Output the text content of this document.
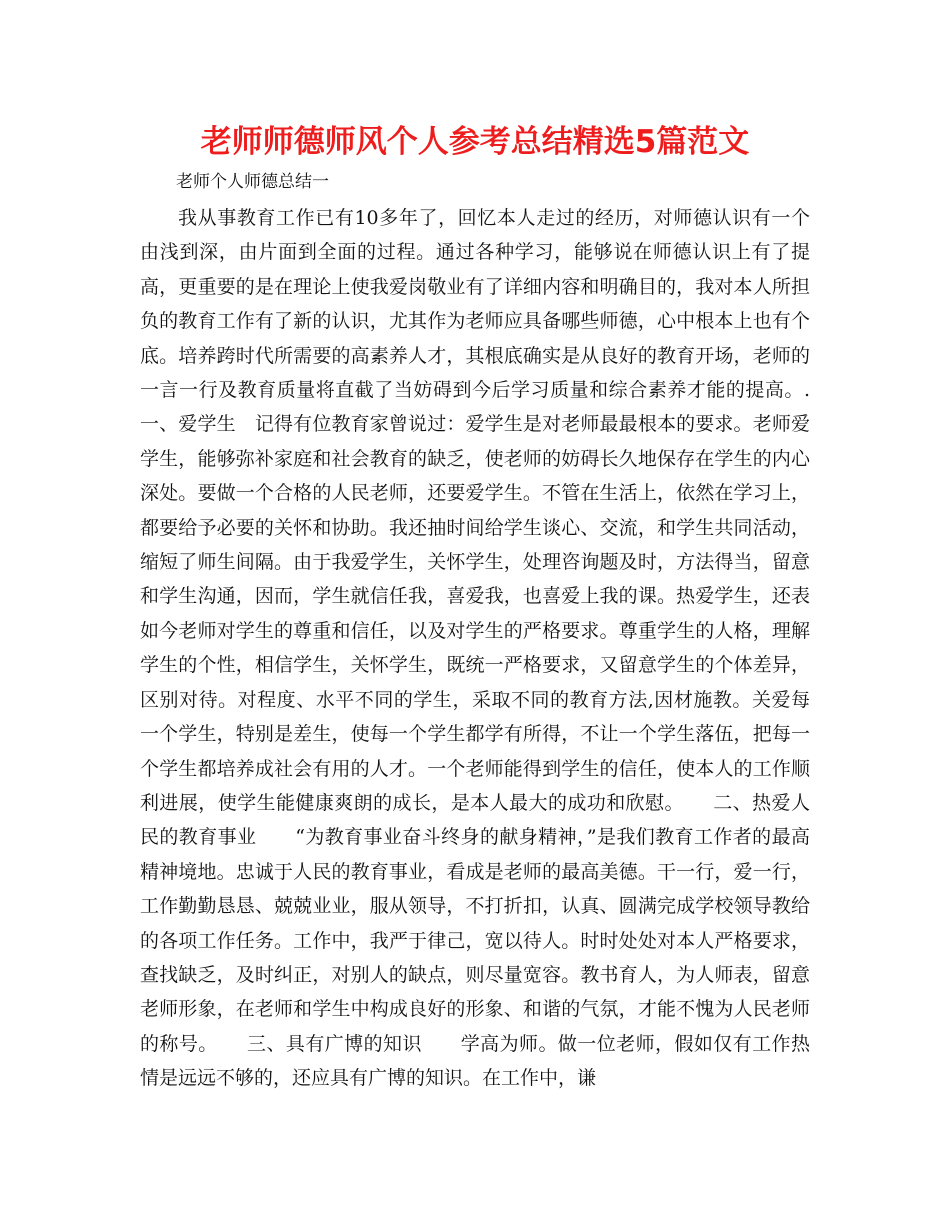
老师师德师风个人参考总结精选5篇范文

老师个人师德总结一

我从事教育工作已有10多年了，回忆本人走过的经历，对师德认识有一个由浅到深，由片面到全面的过程。通过各种学习，能够说在师德认识上有了提高，更重要的是在理论上使我爱岗敬业有了详细内容和明确目的，我对本人所担负的教育工作有了新的认识，尤其作为老师应具备哪些师德，心中根本上也有个底。培养跨时代所需要的高素养人才，其根底确实是从良好的教育开场，老师的一言一行及教育质量将直截了当妨碍到今后学习质量和综合素养才能的提高。.　　一、爱学生　记得有位教育家曾说过：爱学生是对老师最最根本的要求。老师爱学生，能够弥补家庭和社会教育的缺乏，使老师的妨碍长久地保存在学生的内心深处。要做一个合格的人民老师，还要爱学生。不管在生活上，依然在学习上，都要给予必要的关怀和协助。我还抽时间给学生谈心、交流，和学生共同活动，缩短了师生间隔。由于我爱学生，关怀学生，处理咨询题及时，方法得当，留意和学生沟通，因而，学生就信任我，喜爱我，也喜爱上我的课。热爱学生，还表如今老师对学生的尊重和信任，以及对学生的严格要求。尊重学生的人格，理解学生的个性，相信学生，关怀学生，既统一严格要求，又留意学生的个体差异，区别对待。对程度、水平不同的学生，采取不同的教育方法,因材施教。关爱每一个学生，特别是差生，使每一个学生都学有所得，不让一个学生落伍，把每一个学生都培养成社会有用的人才。一个老师能得到学生的信任，使本人的工作顺利进展，使学生能健康爽朗的成长，是本人最大的成功和欣慰。　　二、热爱人民的教育事业　　“为教育事业奋斗终身的献身精神，”是我们教育工作者的最高精神境地。忠诚于人民的教育事业，看成是老师的最高美德。干一行，爱一行，工作勤勤恳恳、兢兢业业，服从领导，不打折扣，认真、圆满完成学校领导教给的各项工作任务。工作中，我严于律己，宽以待人。时时处处对本人严格要求，查找缺乏，及时纠正，对别人的缺点，则尽量宽容。教书育人，为人师表，留意老师形象，在老师和学生中构成良好的形象、和谐的气氛，才能不愧为人民老师的称号。　　三、具有广博的知识　　学高为师。做一位老师，假如仅有工作热情是远远不够的，还应具有广博的知识。在工作中，谦
